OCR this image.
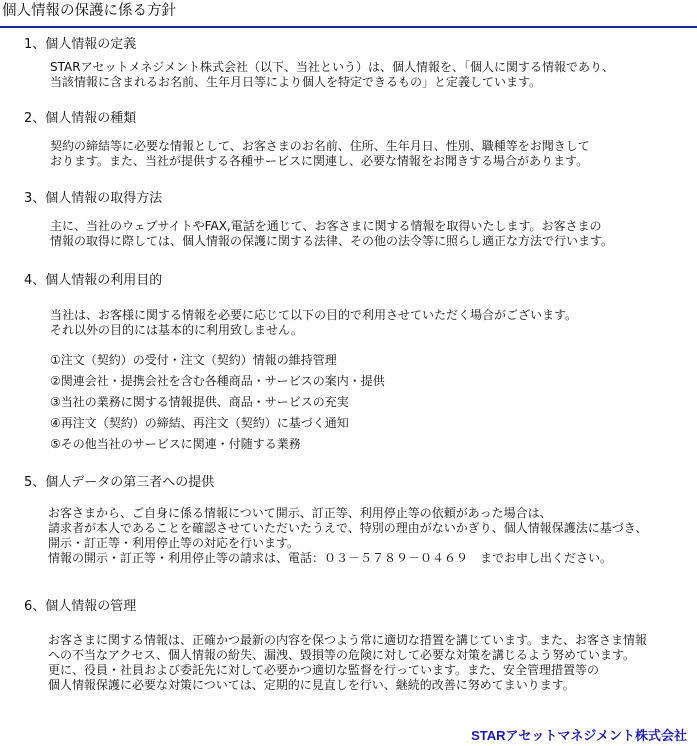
個人情報の保護に係る方針
1、個人情報の定義
STARアセットメネジメント株式会社（以下、当社という）は、個人情報を、「個人に関する情報であり、
当該情報に含まれるお名前、生年月日等により個人を特定できるもの」と定義しています。
2、個人情報の種類
契約の締結等に必要な情報として、お客さまのお名前、住所、生年月日、性別、職種等をお聞きして
おります。また、当社が提供する各種サービスに関連し、必要な情報をお聞きする場合があります。
3、個人情報の取得方法
主に、当社のウェブサイトやFAX,電話を通じて、お客さまに関する情報を取得いたします。お客さまの
情報の取得に際しては、個人情報の保護に関する法律、その他の法令等に照らし適正な方法で行います。
4、個人情報の利用目的
当社は、お客様に関する情報を必要に応じて以下の目的で利用させていただく場合がございます。
それ以外の目的には基本的に利用致しません。
①注文（契約）の受付・注文（契約）情報の維持管理
②関連会社・提携会社を含む各種商品・サービスの案内・提供
③当社の業務に関する情報提供、商品・サービスの充実
④再注文（契約）の締結、再注文（契約）に基づく通知
⑤その他当社のサービスに関連・付随する業務
5、個人データの第三者への提供
お客さまから、ご自身に係る情報について開示、訂正等、利用停止等の依頼があった場合は、
請求者が本人であることを確認させていただいたうえで、特別の理由がないかぎり、個人情報保護法に基づき、
開示・訂正等・利用停止等の対応を行います。
情報の開示・訂正等・利用停止等の請求は、電話：０３－５７８９－０４６９　までお申し出ください。
6、個人情報の管理
お客さまに関する情報は、正確かつ最新の内容を保つよう常に適切な措置を講じています。また、お客さま情報
への不当なアクセス、個人情報の紛失、漏洩、毀損等の危険に対して必要な対策を講じるよう努めています。
更に、役員・社員および委託先に対して必要かつ適切な監督を行っています。また、安全管理措置等の
個人情報保護に必要な対策については、定期的に見直しを行い、継続的改善に努めてまいります。
STARアセットマネジメント株式会社
